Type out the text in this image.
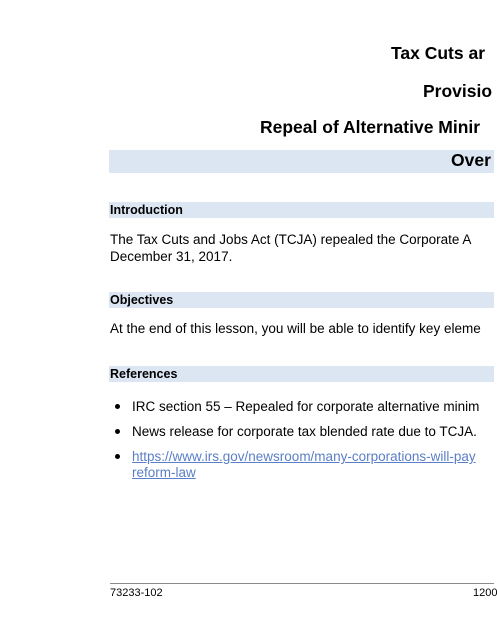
Tax Cuts ar
Provisio
Repeal of Alternative Minir
Over
Introduction
The Tax Cuts and Jobs Act (TCJA) repealed the Corporate A
December 31, 2017.
Objectives
At the end of this lesson, you will be able to identify key eleme
References
IRC section 55 – Repealed for corporate alternative minim
News release for corporate tax blended rate due to TCJA.
https://www.irs.gov/newsroom/many-corporations-will-pay
reform-law
73233-102	1200
